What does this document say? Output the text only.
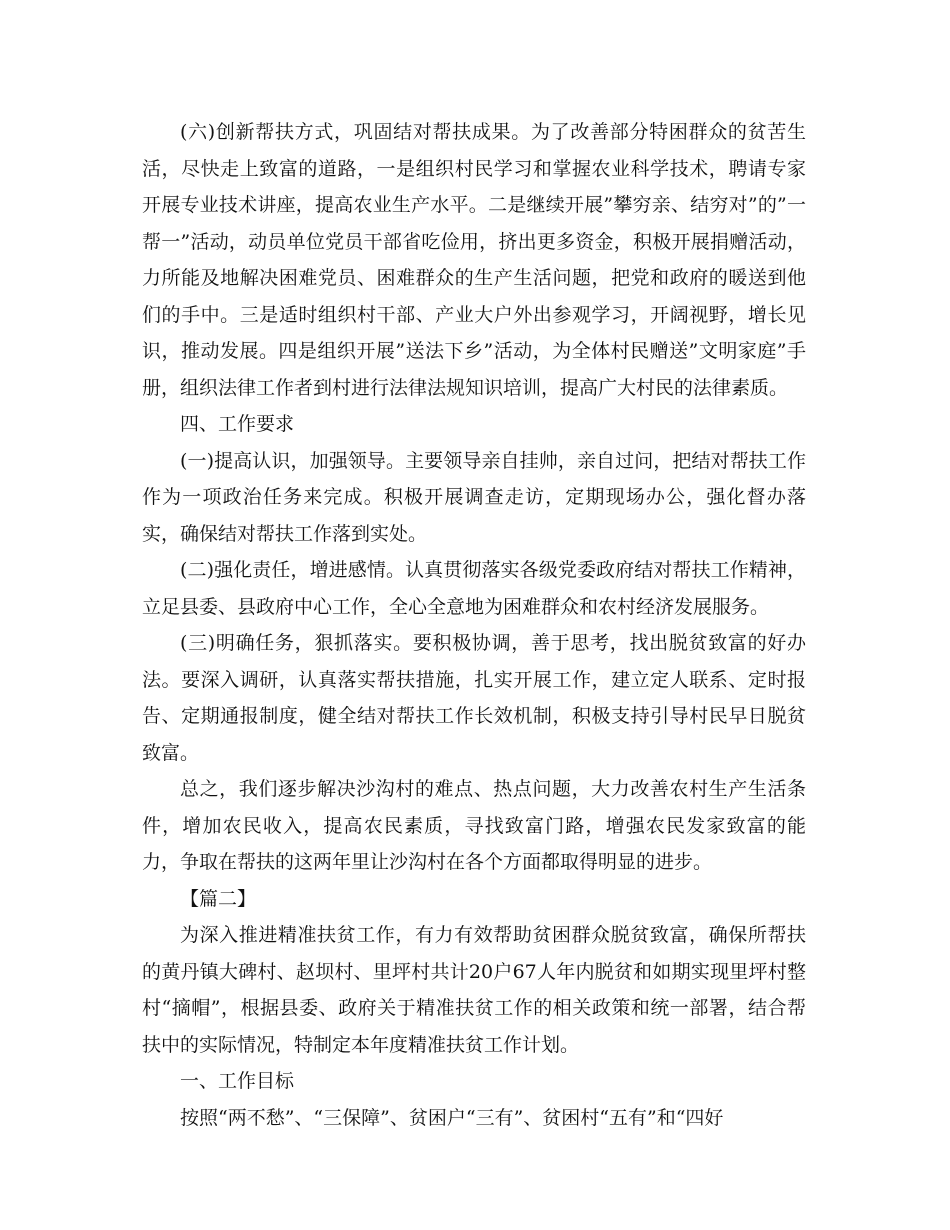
(六)创新帮扶方式，巩固结对帮扶成果。为了改善部分特困群众的贫苦生活，尽快走上致富的道路，一是组织村民学习和掌握农业科学技术，聘请专家开展专业技术讲座，提高农业生产水平。二是继续开展”攀穷亲、结穷对”的”一帮一”活动，动员单位党员干部省吃俭用，挤出更多资金，积极开展捐赠活动，力所能及地解决困难党员、困难群众的生产生活问题，把党和政府的暖送到他们的手中。三是适时组织村干部、产业大户外出参观学习，开阔视野，增长见识，推动发展。四是组织开展”送法下乡”活动，为全体村民赠送”文明家庭”手册，组织法律工作者到村进行法律法规知识培训，提高广大村民的法律素质。

四、工作要求

(一)提高认识，加强领导。主要领导亲自挂帅，亲自过问，把结对帮扶工作作为一项政治任务来完成。积极开展调查走访，定期现场办公，强化督办落实，确保结对帮扶工作落到实处。

(二)强化责任，增进感情。认真贯彻落实各级党委政府结对帮扶工作精神，立足县委、县政府中心工作，全心全意地为困难群众和农村经济发展服务。

(三)明确任务，狠抓落实。要积极协调，善于思考，找出脱贫致富的好办法。要深入调研，认真落实帮扶措施，扎实开展工作，建立定人联系、定时报告、定期通报制度，健全结对帮扶工作长效机制，积极支持引导村民早日脱贫致富。

总之，我们逐步解决沙沟村的难点、热点问题，大力改善农村生产生活条件，增加农民收入，提高农民素质，寻找致富门路，增强农民发家致富的能力，争取在帮扶的这两年里让沙沟村在各个方面都取得明显的进步。

【篇二】

为深入推进精准扶贫工作，有力有效帮助贫困群众脱贫致富，确保所帮扶的黄丹镇大碑村、赵坝村、里坪村共计20户67人年内脱贫和如期实现里坪村整村“摘帽”，根据县委、政府关于精准扶贫工作的相关政策和统一部署，结合帮扶中的实际情况，特制定本年度精准扶贫工作计划。

一、工作目标

按照“两不愁”、“三保障”、贫困户“三有”、贫困村“五有”和“四好
